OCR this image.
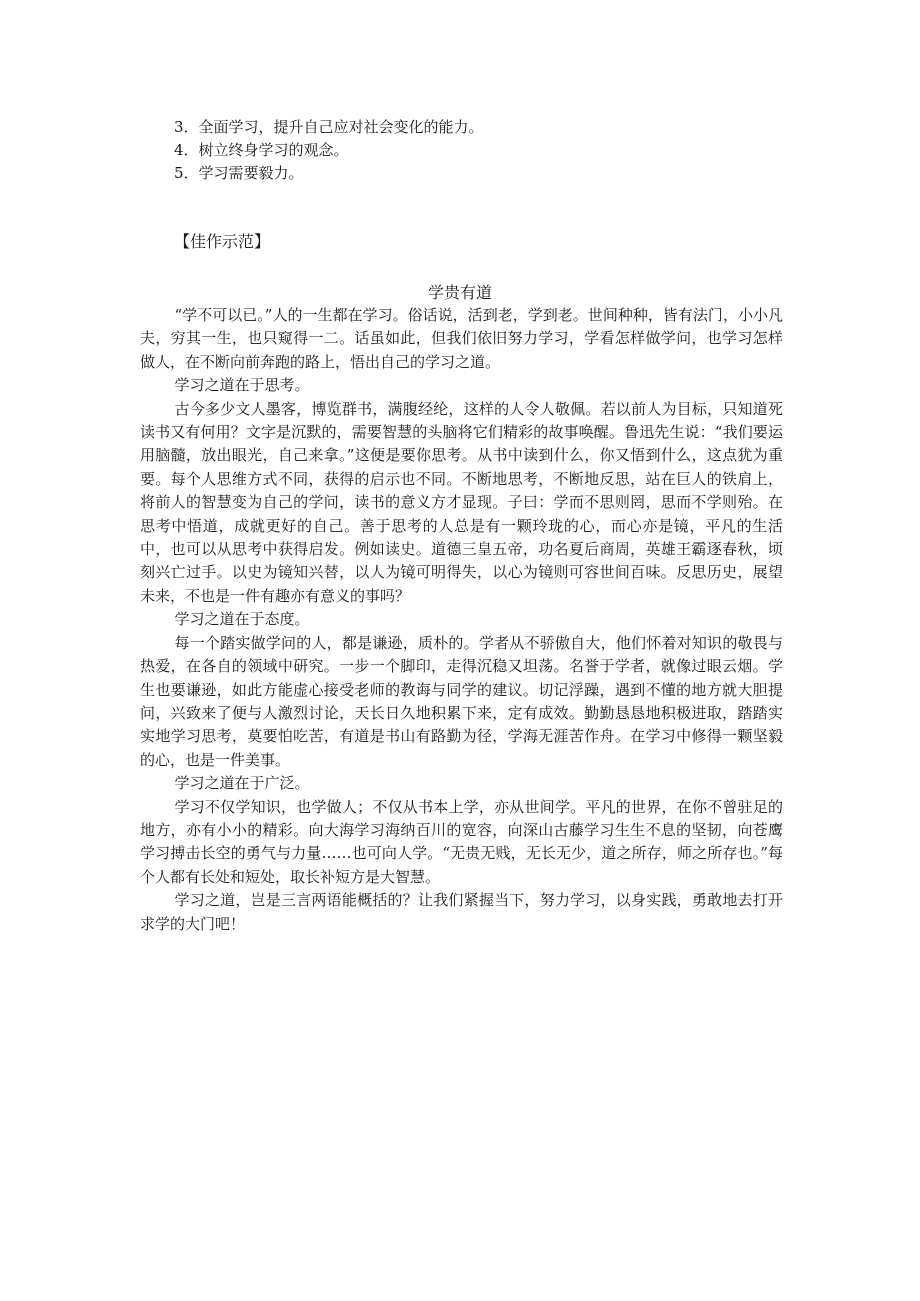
3．全面学习，提升自己应对社会变化的能力。
4．树立终身学习的观念。
5．学习需要毅力。
【佳作示范】
学贵有道

“学不可以已。”人的一生都在学习。俗话说，活到老，学到老。世间种种，皆有法门，小小凡夫，穷其一生，也只窥得一二。话虽如此，但我们依旧努力学习，学看怎样做学问，也学习怎样做人，在不断向前奔跑的路上，悟出自己的学习之道。

学习之道在于思考。

古今多少文人墨客，博览群书，满腹经纶，这样的人令人敬佩。若以前人为目标，只知道死读书又有何用？文字是沉默的，需要智慧的头脑将它们精彩的故事唤醒。鲁迅先生说：“我们要运用脑髓，放出眼光，自己来拿。”这便是要你思考。从书中读到什么，你又悟到什么，这点犹为重要。每个人思维方式不同，获得的启示也不同。不断地思考，不断地反思，站在巨人的铁肩上，将前人的智慧变为自己的学问，读书的意义方才显现。子曰：学而不思则罔，思而不学则殆。在思考中悟道，成就更好的自己。善于思考的人总是有一颗玲珑的心，而心亦是镜，平凡的生活中，也可以从思考中获得启发。例如读史。道德三皇五帝，功名夏后商周，英雄王霸逐春秋，顷刻兴亡过手。以史为镜知兴替，以人为镜可明得失，以心为镜则可容世间百味。反思历史，展望未来，不也是一件有趣亦有意义的事吗？

学习之道在于态度。

每一个踏实做学问的人，都是谦逊，质朴的。学者从不骄傲自大，他们怀着对知识的敬畏与热爱，在各自的领域中研究。一步一个脚印，走得沉稳又坦荡。名誉于学者，就像过眼云烟。学生也要谦逊，如此方能虚心接受老师的教诲与同学的建议。切记浮躁，遇到不懂的地方就大胆提问，兴致来了便与人激烈讨论，天长日久地积累下来，定有成效。勤勤恳恳地积极进取，踏踏实实地学习思考，莫要怕吃苦，有道是书山有路勤为径，学海无涯苦作舟。在学习中修得一颗坚毅的心，也是一件美事。

学习之道在于广泛。

学习不仅学知识，也学做人；不仅从书本上学，亦从世间学。平凡的世界，在你不曾驻足的地方，亦有小小的精彩。向大海学习海纳百川的宽容，向深山古藤学习生生不息的坚韧，向苍鹰学习搏击长空的勇气与力量……也可向人学。“无贵无贱，无长无少，道之所存，师之所存也。”每个人都有长处和短处，取长补短方是大智慧。

学习之道，岂是三言两语能概括的？让我们紧握当下，努力学习，以身实践，勇敢地去打开求学的大门吧！
